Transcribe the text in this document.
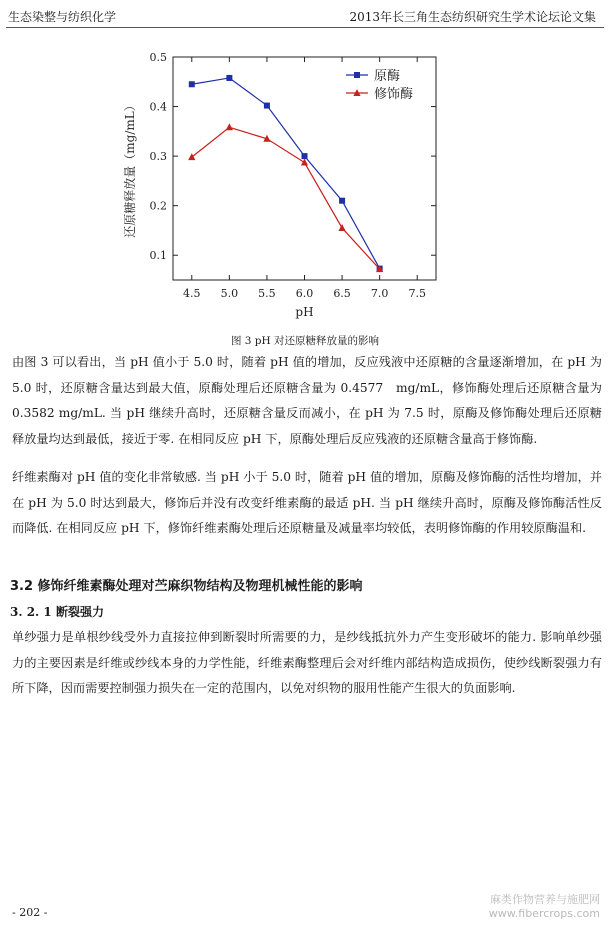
生态染整与纺织化学	2013年长三角生态纺织研究生学术论坛论文集
4.5 5.0 5.5 6.0 6.5 7.0 7.5
0.1
0.2
0.3
0.4
0.5
pH
还原糖释放量（mg/mL）
原酶
修饰酶
图 3 pH 对还原糖释放量的影响

由图 3 可以看出，当 pH 值小于 5.0 时，随着 pH 值的增加，反应残液中还原糖的含量逐渐增加，在 pH 为 5.0 时，还原糖含量达到最大值，原酶处理后还原糖含量为 0.4577　mg/mL，修饰酶处理后还原糖含量为 0.3582 mg/mL. 当 pH 继续升高时，还原糖含量反而减小，在 pH 为 7.5 时，原酶及修饰酶处理后还原糖释放量均达到最低，接近于零. 在相同反应 pH 下，原酶处理后反应残液的还原糖含量高于修饰酶.

纤维素酶对 pH 值的变化非常敏感. 当 pH 小于 5.0 时，随着 pH 值的增加，原酶及修饰酶的活性均增加，并在 pH 为 5.0 时达到最大，修饰后并没有改变纤维素酶的最适 pH. 当 pH 继续升高时，原酶及修饰酶活性反而降低. 在相同反应 pH 下，修饰纤维素酶处理后还原糖量及减量率均较低，表明修饰酶的作用较原酶温和.

3.2 修饰纤维素酶处理对苎麻织物结构及物理机械性能的影响
3. 2. 1 断裂强力

单纱强力是单根纱线受外力直接拉伸到断裂时所需要的力，是纱线抵抗外力产生变形破坏的能力. 影响单纱强力的主要因素是纤维或纱线本身的力学性能，纤维素酶整理后会对纤维内部结构造成损伤，使纱线断裂强力有所下降，因而需要控制强力损失在一定的范围内，以免对织物的服用性能产生很大的负面影响.

- 202 -
麻类作物营养与施肥网
www.fibercrops.com
